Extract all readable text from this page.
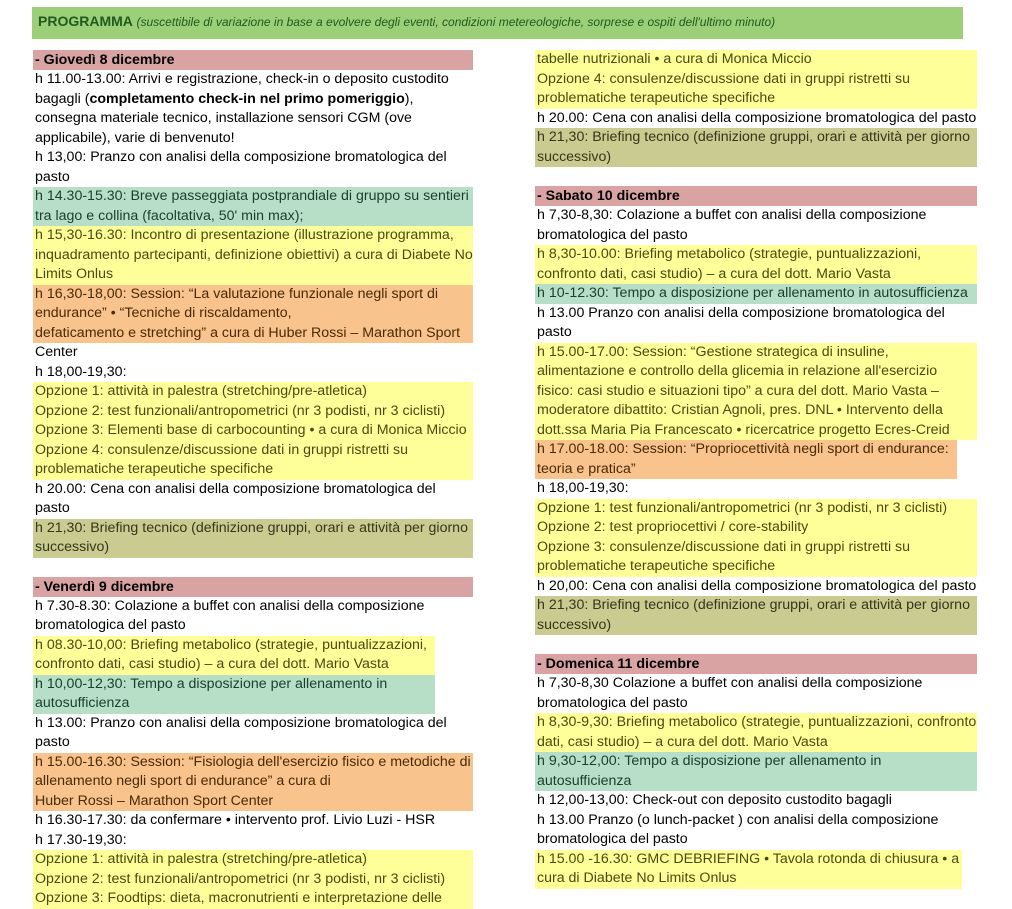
PROGRAMMA (suscettibile di variazione in base a evolvere degli eventi, condizioni metereologiche, sorprese e ospiti dell'ultimo minuto)
- Giovedì 8 dicembre
h 11.00-13.00: Arrivi e registrazione, check-in o deposito custodito bagagli (completamento check-in nel primo pomeriggio), consegna materiale tecnico, installazione sensori CGM (ove applicabile), varie di benvenuto!
h 13,00: Pranzo con analisi della composizione bromatologica del pasto
h 14.30-15.30: Breve passeggiata postprandiale di gruppo su sentieri tra lago e collina (facoltativa, 50' min max);
h 15,30-16.30: Incontro di presentazione (illustrazione programma, inquadramento partecipanti, definizione obiettivi) a cura di Diabete No Limits Onlus
h 16,30-18,00: Session: “La valutazione funzionale negli sport di endurance” • “Tecniche di riscaldamento,
defaticamento e stretching” a cura di Huber Rossi – Marathon Sport
Center
h 18,00-19,30:
Opzione 1: attività in palestra (stretching/pre-atletica)
Opzione 2: test funzionali/antropometrici (nr 3 podisti, nr 3 ciclisti)
Opzione 3: Elementi base di carbocounting • a cura di Monica Miccio
Opzione 4: consulenze/discussione dati in gruppi ristretti su problematiche terapeutiche specifiche
h 20.00: Cena con analisi della composizione bromatologica del pasto
h 21,30: Briefing tecnico (definizione gruppi, orari e attività per giorno successivo)
- Venerdì 9 dicembre
h 7.30-8.30: Colazione a buffet con analisi della composizione bromatologica del pasto
h 08.30-10,00: Briefing metabolico (strategie, puntualizzazioni, confronto dati, casi studio) – a cura del dott. Mario Vasta
h 10,00-12,30: Tempo a disposizione per allenamento in autosufficienza
h 13.00: Pranzo con analisi della composizione bromatologica del pasto
h 15.00-16.30: Session: “Fisiologia dell'esercizio fisico e metodiche di allenamento negli sport di endurance” a cura di
Huber Rossi – Marathon Sport Center
h 16.30-17.30: da confermare • intervento prof. Livio Luzi - HSR
h 17.30-19,30:
Opzione 1: attività in palestra (stretching/pre-atletica)
Opzione 2: test funzionali/antropometrici (nr 3 podisti, nr 3 ciclisti)
Opzione 3: Foodtips: dieta, macronutrienti e interpretazione delle
tabelle nutrizionali • a cura di Monica Miccio
Opzione 4: consulenze/discussione dati in gruppi ristretti su problematiche terapeutiche specifiche
h 20.00: Cena con analisi della composizione bromatologica del pasto
h 21,30: Briefing tecnico (definizione gruppi, orari e attività per giorno successivo)
- Sabato 10 dicembre
h 7,30-8,30: Colazione a buffet con analisi della composizione bromatologica del pasto
h 8,30-10.00: Briefing metabolico (strategie, puntualizzazioni, confronto dati, casi studio) – a cura del dott. Mario Vasta
h 10-12.30: Tempo a disposizione per allenamento in autosufficienza
h 13.00 Pranzo con analisi della composizione bromatologica del pasto
h 15.00-17.00: Session: “Gestione strategica di insuline, alimentazione e controllo della glicemia in relazione all'esercizio fisico: casi studio e situazioni tipo” a cura del dott. Mario Vasta – moderatore dibattito: Cristian Agnoli, pres. DNL • Intervento della dott.ssa Maria Pia Francescato • ricercatrice progetto Ecres-Creid
h 17.00-18.00: Session: “Propriocettività negli sport di endurance: teoria e pratica”
h 18,00-19,30:
Opzione 1: test funzionali/antropometrici (nr 3 podisti, nr 3 ciclisti)
Opzione 2: test propriocettivi / core-stability
Opzione 3: consulenze/discussione dati in gruppi ristretti su problematiche terapeutiche specifiche
h 20,00: Cena con analisi della composizione bromatologica del pasto
h 21,30: Briefing tecnico (definizione gruppi, orari e attività per giorno successivo)
- Domenica 11 dicembre
h 7,30-8,30 Colazione a buffet con analisi della composizione bromatologica del pasto
h 8,30-9,30: Briefing metabolico (strategie, puntualizzazioni, confronto dati, casi studio) – a cura del dott. Mario Vasta
h 9,30-12,00: Tempo a disposizione per allenamento in autosufficienza
h 12,00-13,00: Check-out con deposito custodito bagagli
h 13.00 Pranzo (o lunch-packet ) con analisi della composizione bromatologica del pasto
h 15.00 -16.30: GMC DEBRIEFING • Tavola rotonda di chiusura • a cura di Diabete No Limits Onlus
